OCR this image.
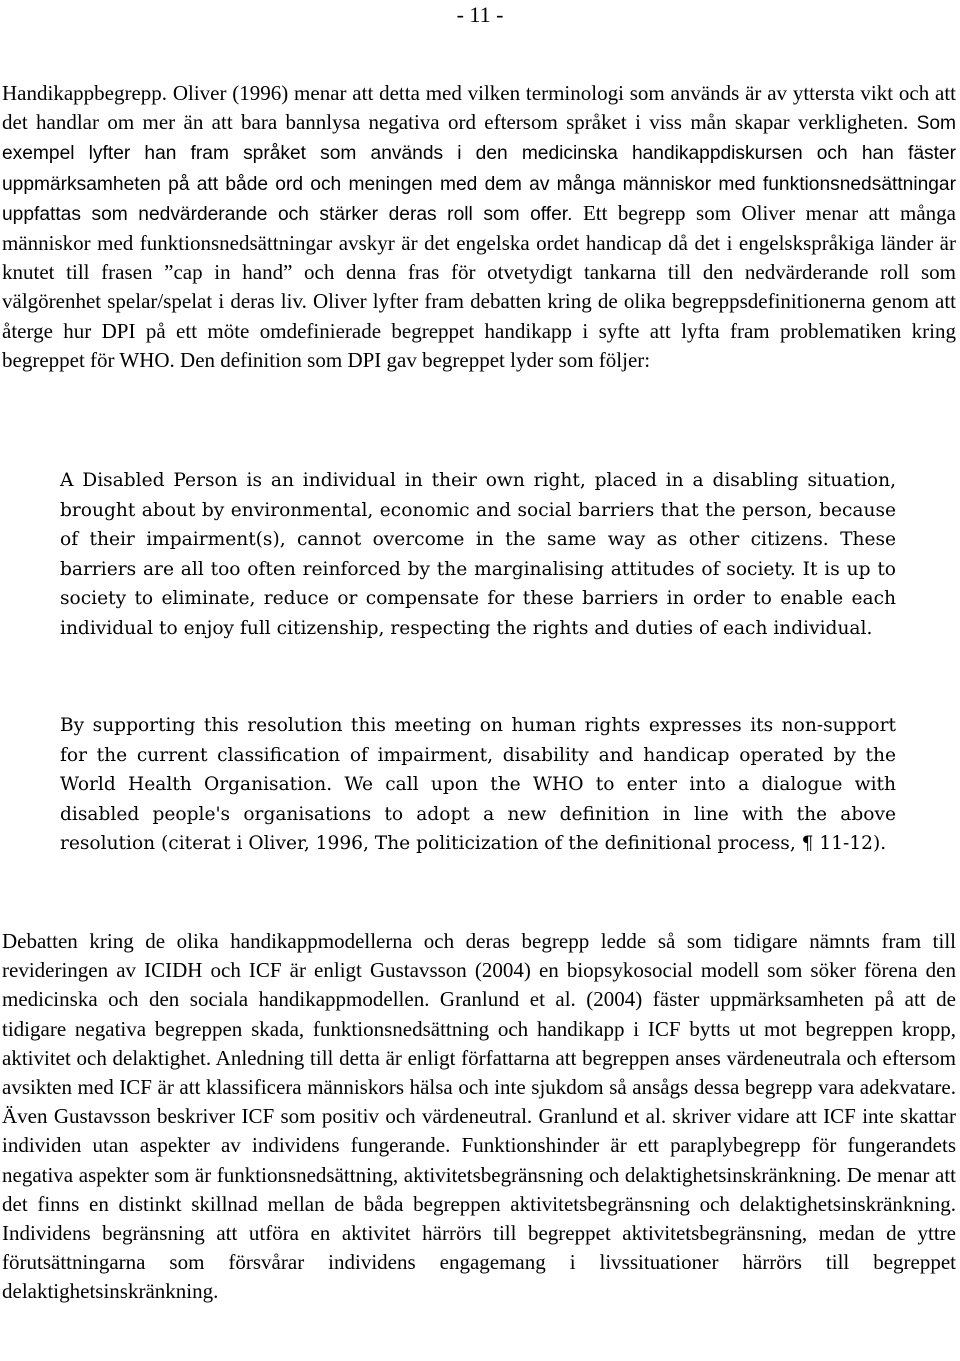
- 11 -

Handikappbegrepp. Oliver (1996) menar att detta med vilken terminologi som används är av yttersta vikt och att det handlar om mer än att bara bannlysa negativa ord eftersom språket i viss mån skapar verkligheten. Som exempel lyfter han fram språket som används i den medicinska handikappdiskursen och han fäster uppmärksamheten på att både ord och meningen med dem av många människor med funktionsnedsättningar uppfattas som nedvärderande och stärker deras roll som offer. Ett begrepp som Oliver menar att många människor med funktionsnedsättningar avskyr är det engelska ordet handicap då det i engelskspråkiga länder är knutet till frasen ”cap in hand” och denna fras för otvetydigt tankarna till den nedvärderande roll som välgörenhet spelar/spelat i deras liv. Oliver lyfter fram debatten kring de olika begreppsdefinitionerna genom att återge hur DPI på ett möte omdefinierade begreppet handikapp i syfte att lyfta fram problematiken kring begreppet för WHO. Den definition som DPI gav begreppet lyder som följer:

A Disabled Person is an individual in their own right, placed in a disabling situation, brought about by environmental, economic and social barriers that the person, because of their impairment(s), cannot overcome in the same way as other citizens. These barriers are all too often reinforced by the marginalising attitudes of society. It is up to society to eliminate, reduce or compensate for these barriers in order to enable each individual to enjoy full citizenship, respecting the rights and duties of each individual.

By supporting this resolution this meeting on human rights expresses its non-support for the current classification of impairment, disability and handicap operated by the World Health Organisation. We call upon the WHO to enter into a dialogue with disabled people's organisations to adopt a new definition in line with the above resolution (citerat i Oliver, 1996, The politicization of the definitional process, ¶ 11-12).

Debatten kring de olika handikappmodellerna och deras begrepp ledde så som tidigare nämnts fram till revideringen av ICIDH och ICF är enligt Gustavsson (2004) en biopsykosocial modell som söker förena den medicinska och den sociala handikappmodellen. Granlund et al. (2004) fäster uppmärksamheten på att de tidigare negativa begreppen skada, funktionsnedsättning och handikapp i ICF bytts ut mot begreppen kropp, aktivitet och delaktighet. Anledning till detta är enligt författarna att begreppen anses värdeneutrala och eftersom avsikten med ICF är att klassificera människors hälsa och inte sjukdom så ansågs dessa begrepp vara adekvatare. Även Gustavsson beskriver ICF som positiv och värdeneutral. Granlund et al. skriver vidare att ICF inte skattar individen utan aspekter av individens fungerande. Funktionshinder är ett paraplybegrepp för fungerandets negativa aspekter som är funktionsnedsättning, aktivitetsbegränsning och delaktighetsinskränkning. De menar att det finns en distinkt skillnad mellan de båda begreppen aktivitetsbegränsning och delaktighetsinskränkning. Individens begränsning att utföra en aktivitet härrörs till begreppet aktivitetsbegränsning, medan de yttre förutsättningarna som försvårar individens engagemang i livssituationer härrörs till begreppet delaktighetsinskränkning.
